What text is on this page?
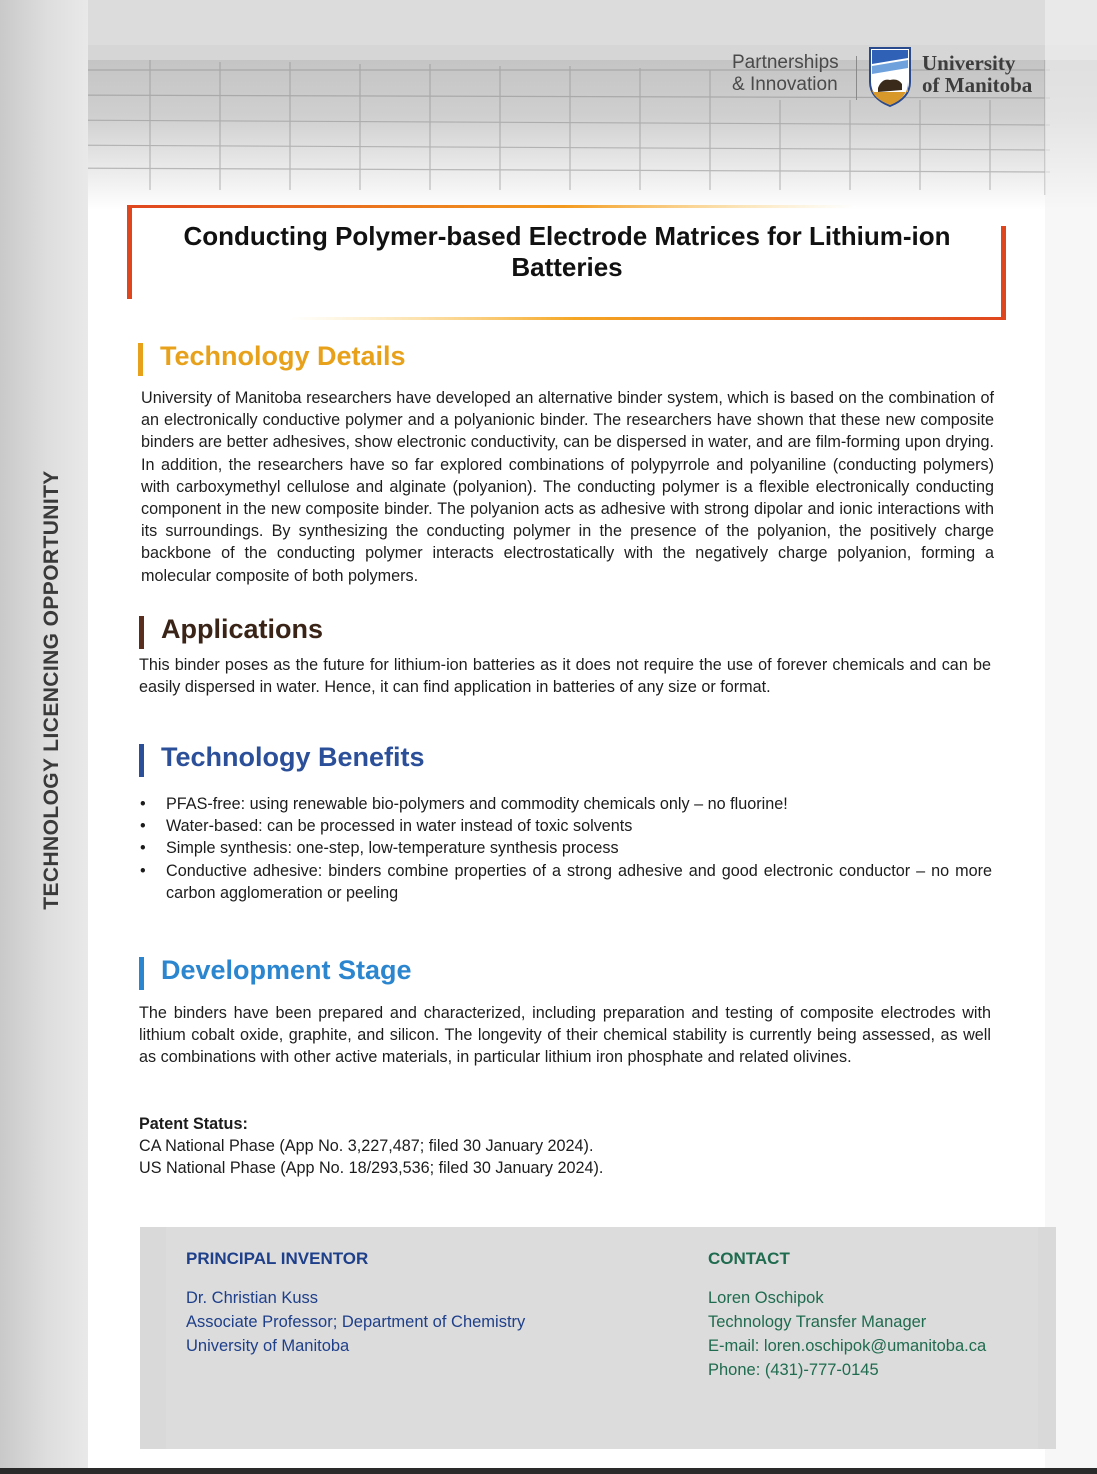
TECHNOLOGY LICENCING OPPORTUNITY
Partnerships
& Innovation
University
of Manitoba
Conducting Polymer-based Electrode Matrices for Lithium-ion Batteries
Technology Details
University of Manitoba researchers have developed an alternative binder system, which is based on the combination of an electronically conductive polymer and a polyanionic binder. The researchers have shown that these new composite binders are better adhesives, show electronic conductivity, can be dispersed in water, and are film-forming upon drying. In addition, the researchers have so far explored combinations of polypyrrole and polyaniline (conducting polymers) with carboxymethyl cellulose and alginate (polyanion). The conducting polymer is a flexible electronically conducting component in the new composite binder. The polyanion acts as adhesive with strong dipolar and ionic interactions with its surroundings. By synthesizing the conducting polymer in the presence of the polyanion, the positively charge backbone of the conducting polymer interacts electrostatically with the negatively charge polyanion, forming a molecular composite of both polymers.
Applications
This binder poses as the future for lithium-ion batteries as it does not require the use of forever chemicals and can be easily dispersed in water. Hence, it can find application in batteries of any size or format.
Technology Benefits
• PFAS-free: using renewable bio-polymers and commodity chemicals only – no fluorine!
• Water-based: can be processed in water instead of toxic solvents
• Simple synthesis: one-step, low-temperature synthesis process
• Conductive adhesive: binders combine properties of a strong adhesive and good electronic conductor – no more carbon agglomeration or peeling
Development Stage
The binders have been prepared and characterized, including preparation and testing of composite electrodes with lithium cobalt oxide, graphite, and silicon. The longevity of their chemical stability is currently being assessed, as well as combinations with other active materials, in particular lithium iron phosphate and related olivines.
Patent Status:
CA National Phase (App No. 3,227,487; filed 30 January 2024).
US National Phase (App No. 18/293,536; filed 30 January 2024).
PRINCIPAL INVENTOR
Dr. Christian Kuss
Associate Professor; Department of Chemistry
University of Manitoba
CONTACT
Loren Oschipok
Technology Transfer Manager
E-mail: loren.oschipok@umanitoba.ca
Phone: (431)-777-0145
